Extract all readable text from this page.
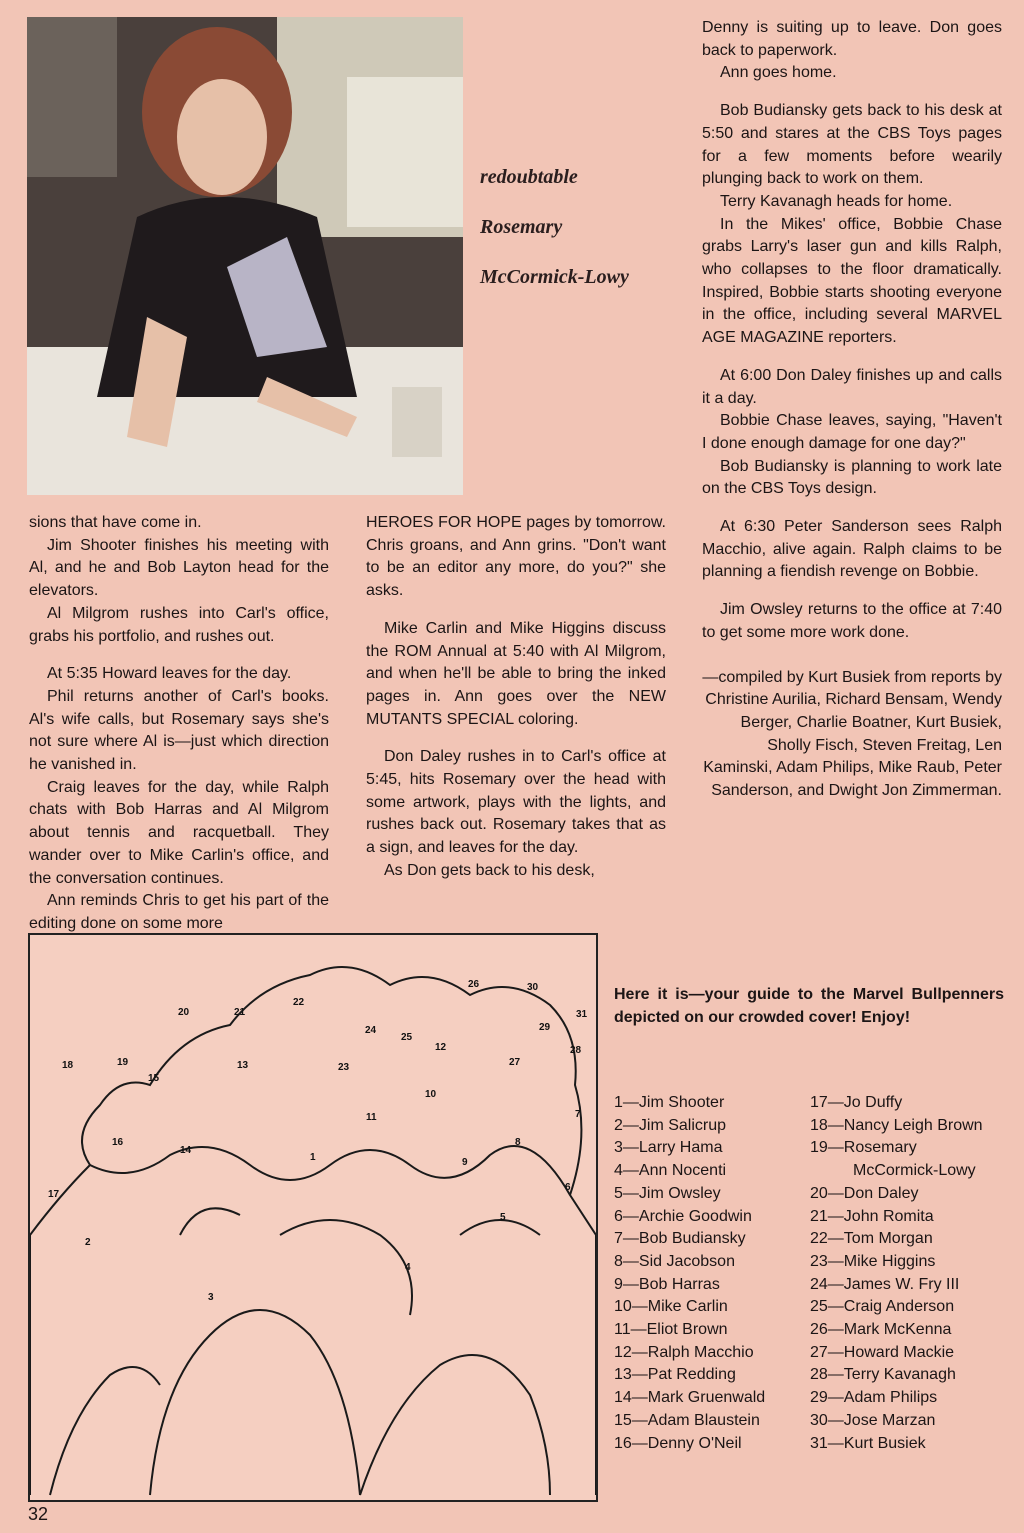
redoubtable
Rosemary
McCormick-Lowy

Denny is suiting up to leave. Don goes back to paperwork.

Ann goes home.

Bob Budiansky gets back to his desk at 5:50 and stares at the CBS Toys pages for a few moments before wearily plunging back to work on them.

Terry Kavanagh heads for home.

In the Mikes' office, Bobbie Chase grabs Larry's laser gun and kills Ralph, who collapses to the floor dramatically. Inspired, Bobbie starts shooting everyone in the office, including several MARVEL AGE MAGAZINE reporters.

At 6:00 Don Daley finishes up and calls it a day.

Bobbie Chase leaves, saying, "Haven't I done enough damage for one day?"

Bob Budiansky is planning to work late on the CBS Toys design.

At 6:30 Peter Sanderson sees Ralph Macchio, alive again. Ralph claims to be planning a fiendish revenge on Bobbie.

Jim Owsley returns to the office at 7:40 to get some more work done.

—compiled by Kurt Busiek from reports by Christine Aurilia, Richard Bensam, Wendy Berger, Charlie Boatner, Kurt Busiek, Sholly Fisch, Steven Freitag, Len Kaminski, Adam Philips, Mike Raub, Peter Sanderson, and Dwight Jon Zimmerman.

sions that have come in.

Jim Shooter finishes his meeting with Al, and he and Bob Layton head for the elevators.

Al Milgrom rushes into Carl's office, grabs his portfolio, and rushes out.

At 5:35 Howard leaves for the day.

Phil returns another of Carl's books. Al's wife calls, but Rosemary says she's not sure where Al is—just which direction he vanished in.

Craig leaves for the day, while Ralph chats with Bob Harras and Al Milgrom about tennis and racquetball. They wander over to Mike Carlin's office, and the conversation continues.

Ann reminds Chris to get his part of the editing done on some more

HEROES FOR HOPE pages by tomorrow. Chris groans, and Ann grins. "Don't want to be an editor any more, do you?" she asks.

Mike Carlin and Mike Higgins discuss the ROM Annual at 5:40 with Al Milgrom, and when he'll be able to bring the inked pages in. Ann goes over the NEW MUTANTS SPECIAL coloring.

Don Daley rushes in to Carl's office at 5:45, hits Rosemary over the head with some artwork, plays with the lights, and rushes back out. Rosemary takes that as a sign, and leaves for the day.

As Don gets back to his desk,

1
2
3
4
5
6
7
8
9
10
11
12
13
14
15
16
17
18	19
20	21
22
23
24
25
26
27
28
29
30
31
Here it is—your guide to the Marvel Bullpenners depicted on our crowded cover! Enjoy!
1—Jim Shooter
2—Jim Salicrup
3—Larry Hama
4—Ann Nocenti
5—Jim Owsley
6—Archie Goodwin
7—Bob Budiansky
8—Sid Jacobson
9—Bob Harras
10—Mike Carlin
11—Eliot Brown
12—Ralph Macchio
13—Pat Redding
14—Mark Gruenwald
15—Adam Blaustein
16—Denny O'Neil
17—Jo Duffy
18—Nancy Leigh Brown
19—Rosemary
McCormick-Lowy
20—Don Daley
21—John Romita
22—Tom Morgan
23—Mike Higgins
24—James W. Fry III
25—Craig Anderson
26—Mark McKenna
27—Howard Mackie
28—Terry Kavanagh
29—Adam Philips
30—Jose Marzan
31—Kurt Busiek
32
